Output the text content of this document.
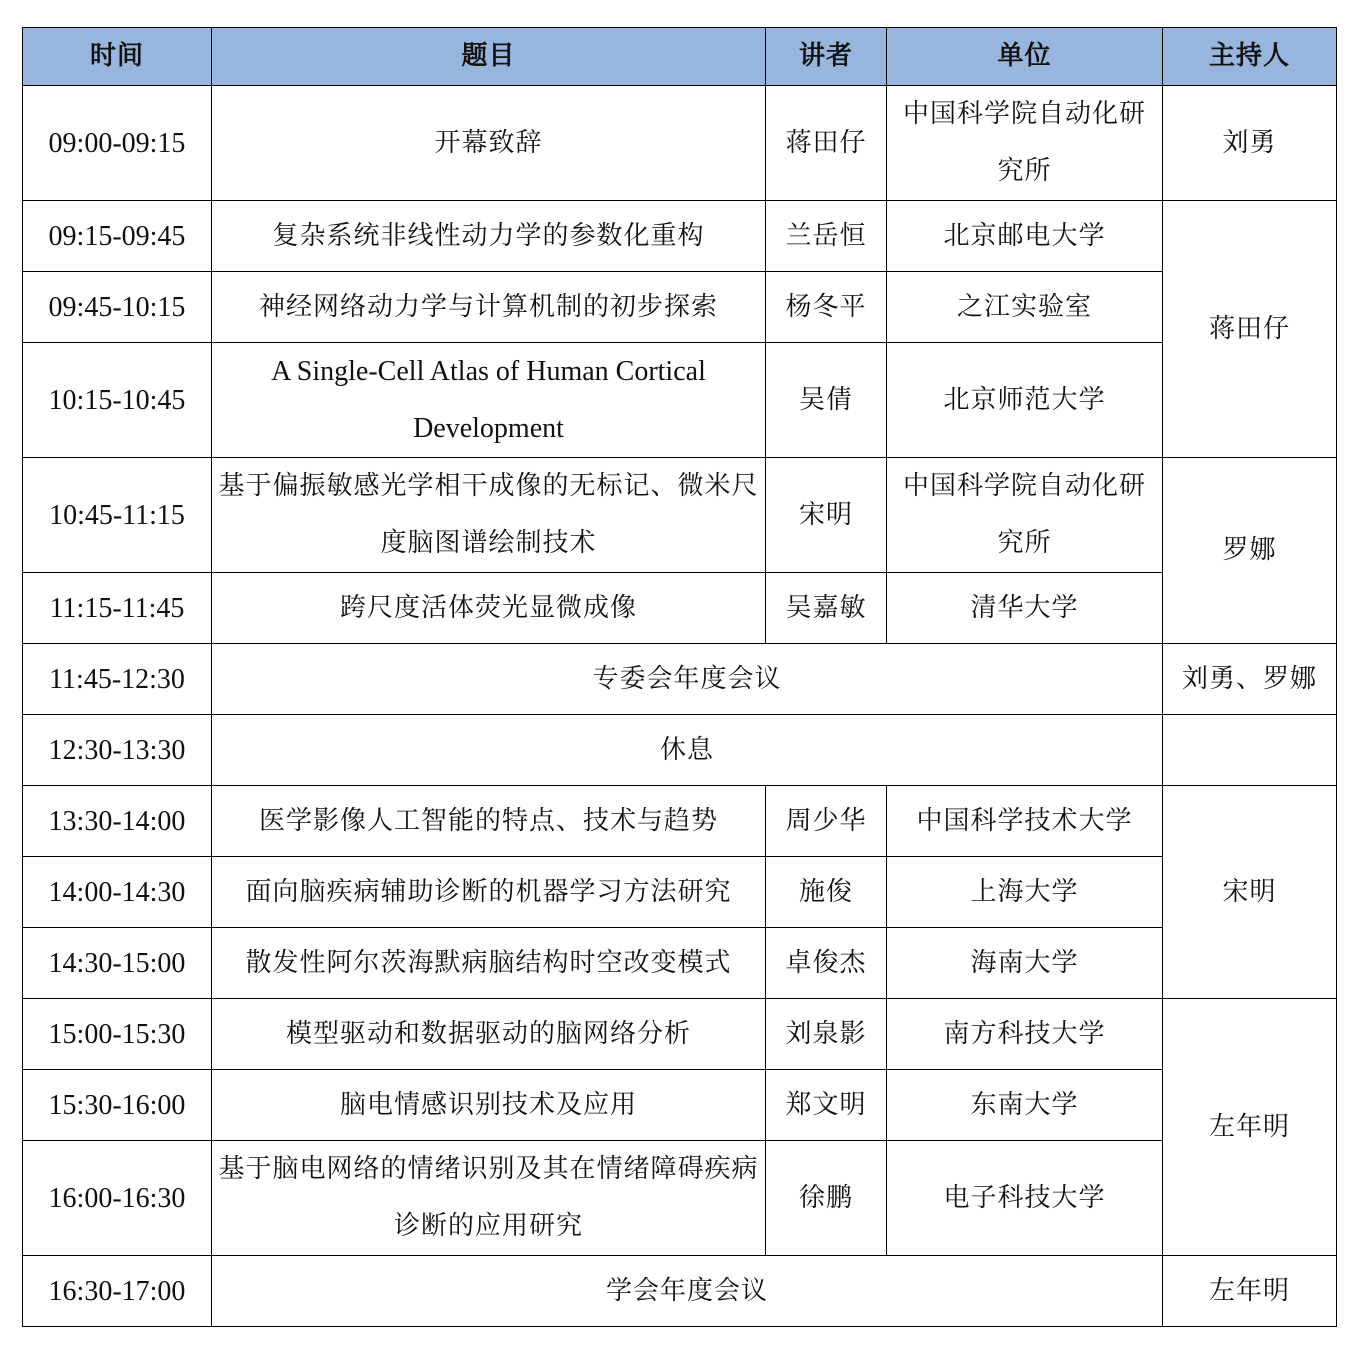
时间	题目	讲者	单位	主持人
09:00-09:15	开幕致辞	蒋田仔	中国科学院自动化研究所	刘勇
09:15-09:45	复杂系统非线性动力学的参数化重构	兰岳恒	北京邮电大学	蒋田仔
09:45-10:15	神经网络动力学与计算机制的初步探索	杨冬平	之江实验室	
10:15-10:45	A Single-Cell Atlas of Human Cortical Development	吴倩	北京师范大学	
10:45-11:15	基于偏振敏感光学相干成像的无标记、微米尺度脑图谱绘制技术	宋明	中国科学院自动化研究所	罗娜
11:15-11:45	跨尺度活体荧光显微成像	吴嘉敏	清华大学	
11:45-12:30	专委会年度会议			刘勇、罗娜
12:30-13:30	休息			
13:30-14:00	医学影像人工智能的特点、技术与趋势	周少华	中国科学技术大学	宋明
14:00-14:30	面向脑疾病辅助诊断的机器学习方法研究	施俊	上海大学	
14:30-15:00	散发性阿尔茨海默病脑结构时空改变模式	卓俊杰	海南大学	
15:00-15:30	模型驱动和数据驱动的脑网络分析	刘泉影	南方科技大学	左年明
15:30-16:00	脑电情感识别技术及应用	郑文明	东南大学	
16:00-16:30	基于脑电网络的情绪识别及其在情绪障碍疾病诊断的应用研究	徐鹏	电子科技大学	
16:30-17:00	学会年度会议			左年明
